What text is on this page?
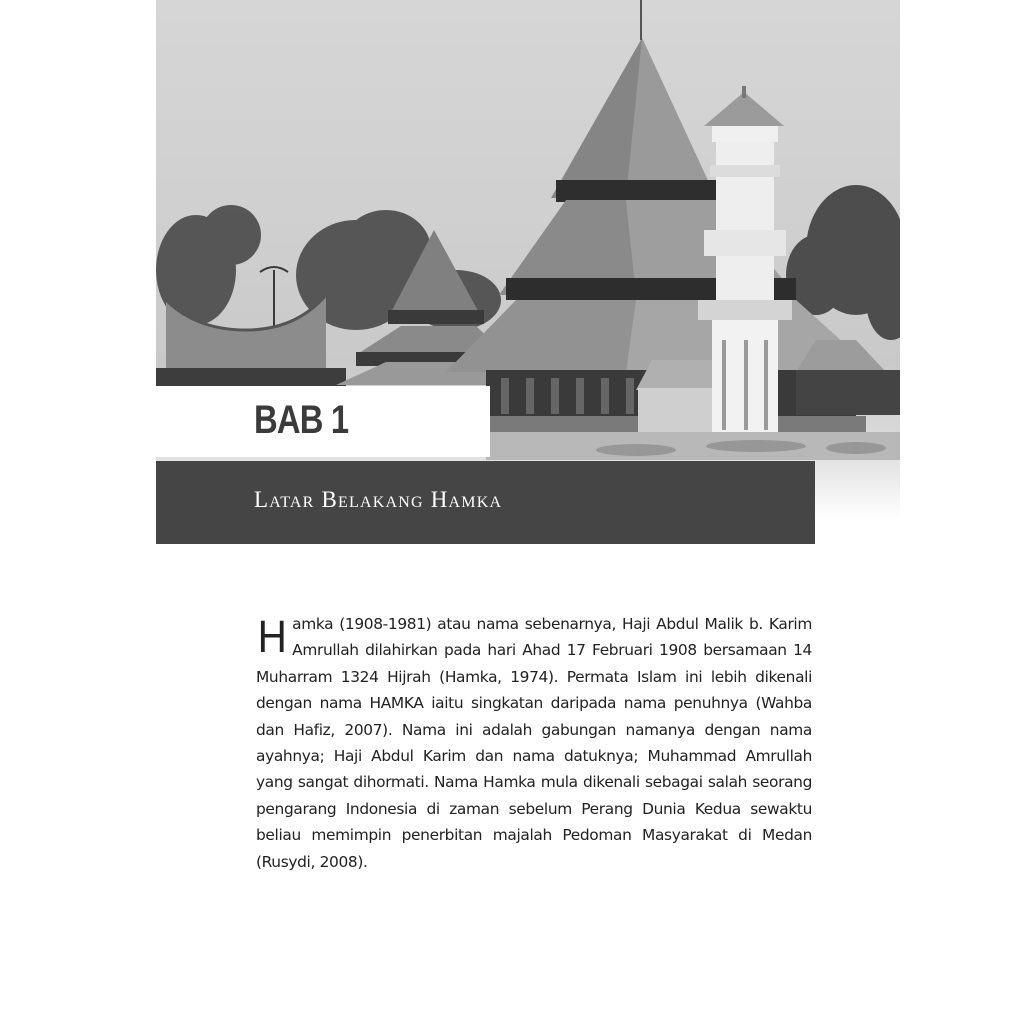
BAB 1
Latar Belakang Hamka
H amka (1908-1981) atau nama sebenarnya, Haji Abdul Malik b. Karim Amrullah dilahirkan pada hari Ahad 17 Februari 1908 bersamaan 14 Muharram 1324 Hijrah (Hamka, 1974). Permata Islam ini lebih dikenali dengan nama HAMKA iaitu singkatan daripada nama penuhnya (Wahba dan Hafiz, 2007). Nama ini adalah gabungan namanya dengan nama ayahnya; Haji Abdul Karim dan nama datuknya; Muhammad Amrullah yang sangat dihormati. Nama Hamka mula dikenali sebagai salah seorang pengarang Indonesia di zaman sebelum Perang Dunia Kedua sewaktu beliau memimpin penerbitan majalah Pedoman Masyarakat di Medan (Rusydi, 2008).
